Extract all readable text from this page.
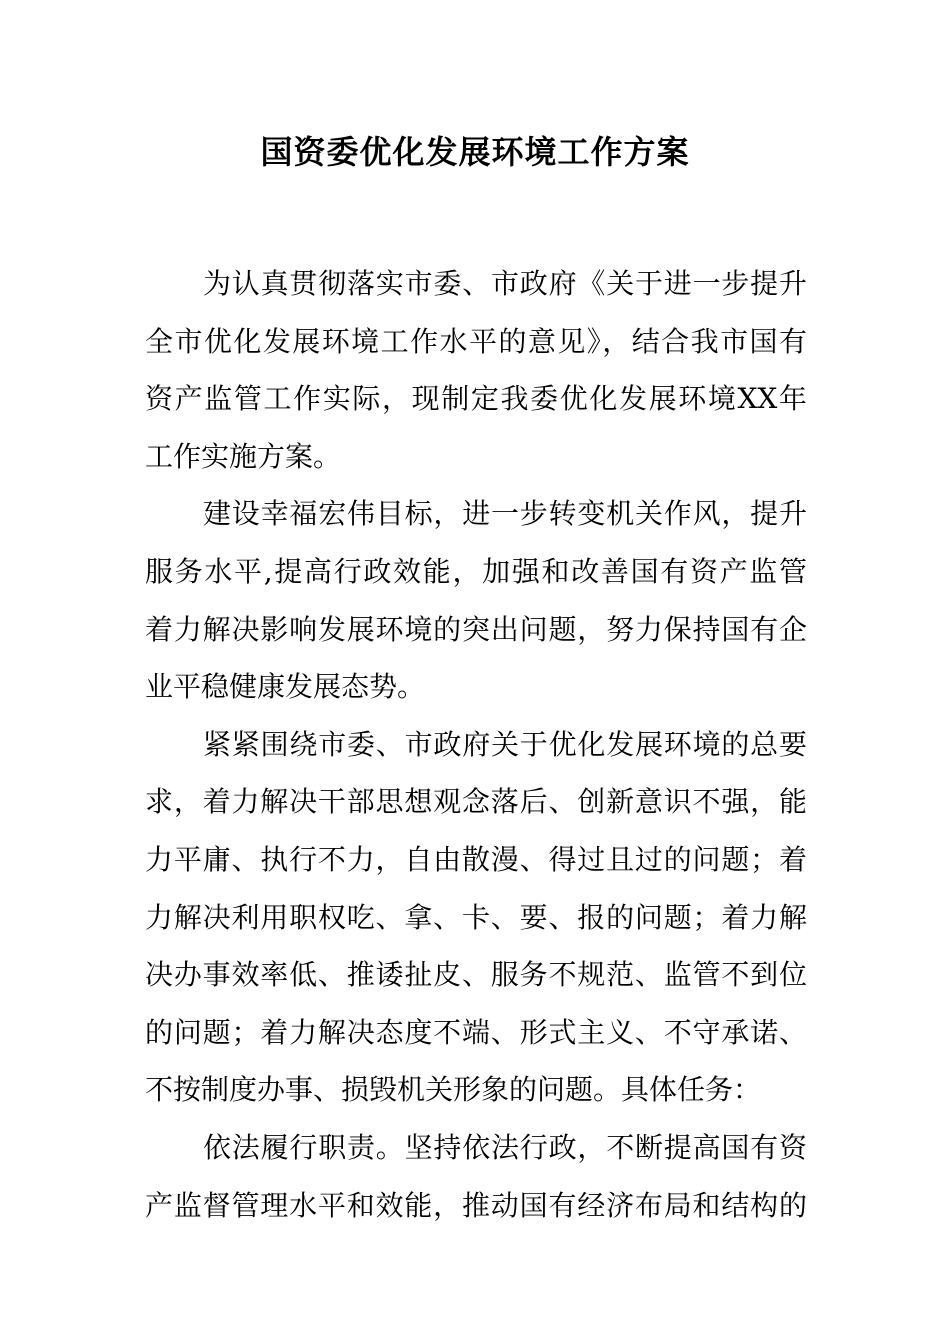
国资委优化发展环境工作方案
为认真贯彻落实市委、市政府《关于进一步提升
全市优化发展环境工作水平的意见》，结合我市国有
资产监管工作实际，现制定我委优化发展环境XX年
工作实施方案。
建设幸福宏伟目标，进一步转变机关作风，提升
服务水平,提高行政效能，加强和改善国有资产监管
着力解决影响发展环境的突出问题，努力保持国有企
业平稳健康发展态势。
紧紧围绕市委、市政府关于优化发展环境的总要
求，着力解决干部思想观念落后、创新意识不强，能
力平庸、执行不力，自由散漫、得过且过的问题；着
力解决利用职权吃、拿、卡、要、报的问题；着力解
决办事效率低、推诿扯皮、服务不规范、监管不到位
的问题；着力解决态度不端、形式主义、不守承诺、
不按制度办事、损毁机关形象的问题。具体任务：
依法履行职责。坚持依法行政，不断提高国有资
产监督管理水平和效能，推动国有经济布局和结构的
